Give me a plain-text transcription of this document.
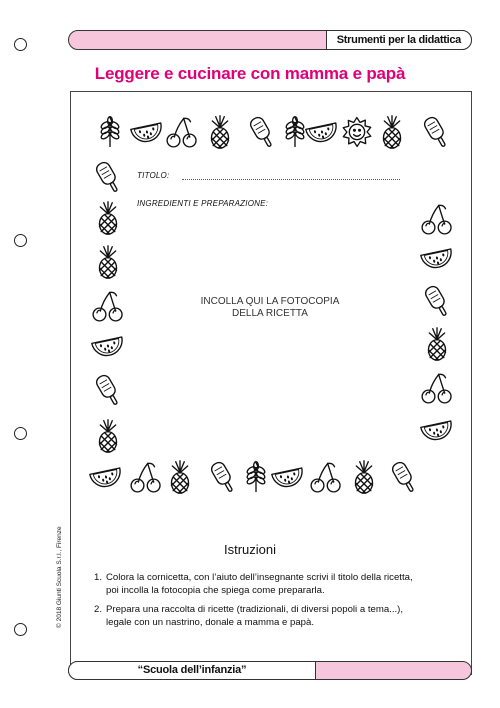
Strumenti per la didattica
Leggere e cucinare con mamma e papà
TITOLO:
INGREDIENTI E PREPARAZIONE:
INCOLLA QUI LA FOTOCOPIA
DELLA RICETTA
Istruzioni
1. Colora la cornicetta, con l’aiuto dell’insegnante scrivi il titolo della ricetta,
poi incolla la fotocopia che spiega come prepararla.
2. Prepara una raccolta di ricette (tradizionali, di diversi popoli a tema...),
legale con un nastrino, donale a mamma e papà.
© 2018 Giunti Scuola S.r.l., Firenze
“Scuola dell’infanzia”
